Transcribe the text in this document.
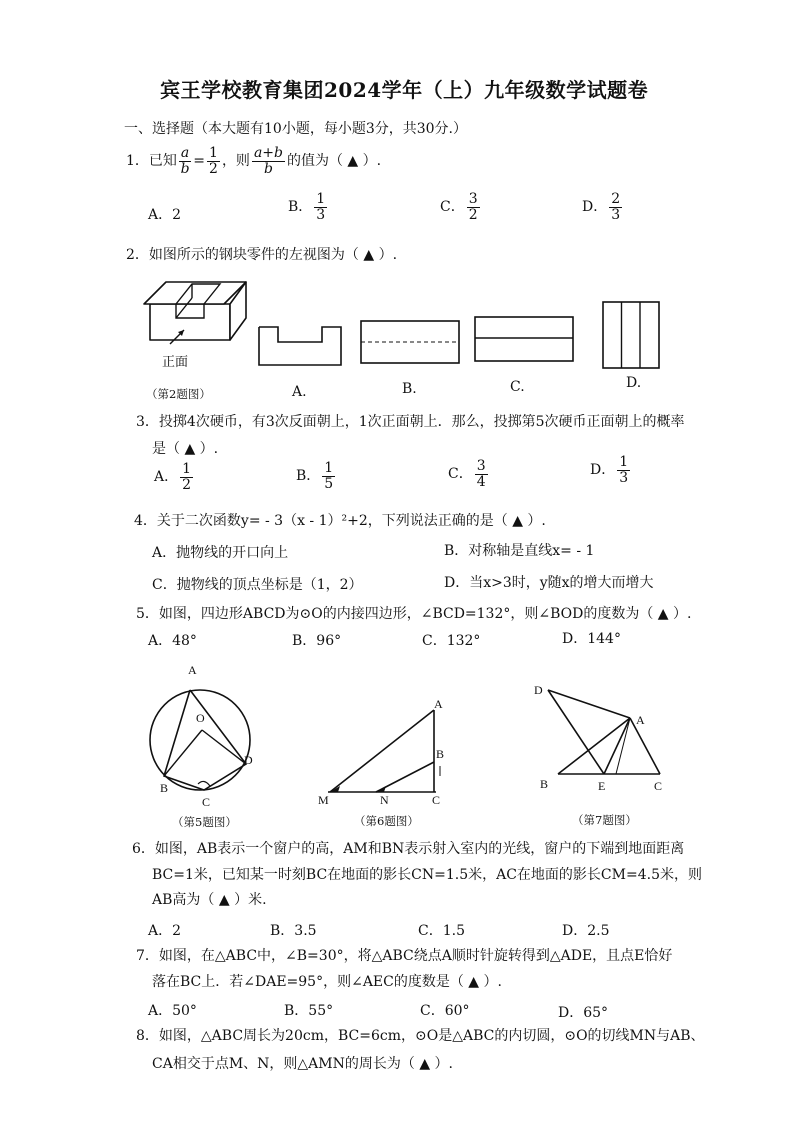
宾王学校教育集团2024学年（上）九年级数学试题卷
一、选择题（本大题有10小题，每小题3分，共30分.）
1．已知 $\frac{a}{b} = \frac{1}{2}$ ，则 $\frac{a+b}{b}$ 的值为（ ▲ ）.
A．2	B． $\frac{1}{3}$	C． $\frac{3}{2}$	D． $\frac{2}{3}$
2．如图所示的钢块零件的左视图为（ ▲ ）.
正面
（第2题图）	A.	B.	C.	D.
3．投掷4次硬币，有3次反面朝上，1次正面朝上．那么，投掷第5次硬币正面朝上的概率
是（ ▲ ）.
A． $\frac{1}{2}$	B． $\frac{1}{5}$	C． $\frac{3}{4}$	D． $\frac{1}{3}$
4．关于二次函数y= - 3（x - 1）²+2，下列说法正确的是（ ▲ ）.
A．抛物线的开口向上	B．对称轴是直线x= - 1
C．抛物线的顶点坐标是（1，2）	D．当x>3时，y随x的增大而增大
5．如图，四边形ABCD为⊙O的内接四边形，∠BCD=132°，则∠BOD的度数为（ ▲ ）.
A．48°	B．96°	C．132°	D．144°
A
O
B
C
D
（第5题图）
A
B
M	N	C
（第6题图）
D
A
B	E	C
（第7题图）
6．如图，AB表示一个窗户的高，AM和BN表示射入室内的光线，窗户的下端到地面距离
BC=1米，已知某一时刻BC在地面的影长CN=1.5米，AC在地面的影长CM=4.5米，则
AB高为（ ▲ ）米.
A．2	B．3.5	C．1.5	D．2.5
7．如图，在△ABC中，∠B=30°，将△ABC绕点A顺时针旋转得到△ADE，且点E恰好
落在BC上．若∠DAE=95°，则∠AEC的度数是（ ▲ ）.
A．50°	B．55°	C．60°	D．65°
8．如图，△ABC周长为20cm，BC=6cm，⊙O是△ABC的内切圆，⊙O的切线MN与AB、
CA相交于点M、N，则△AMN的周长为（ ▲ ）.
